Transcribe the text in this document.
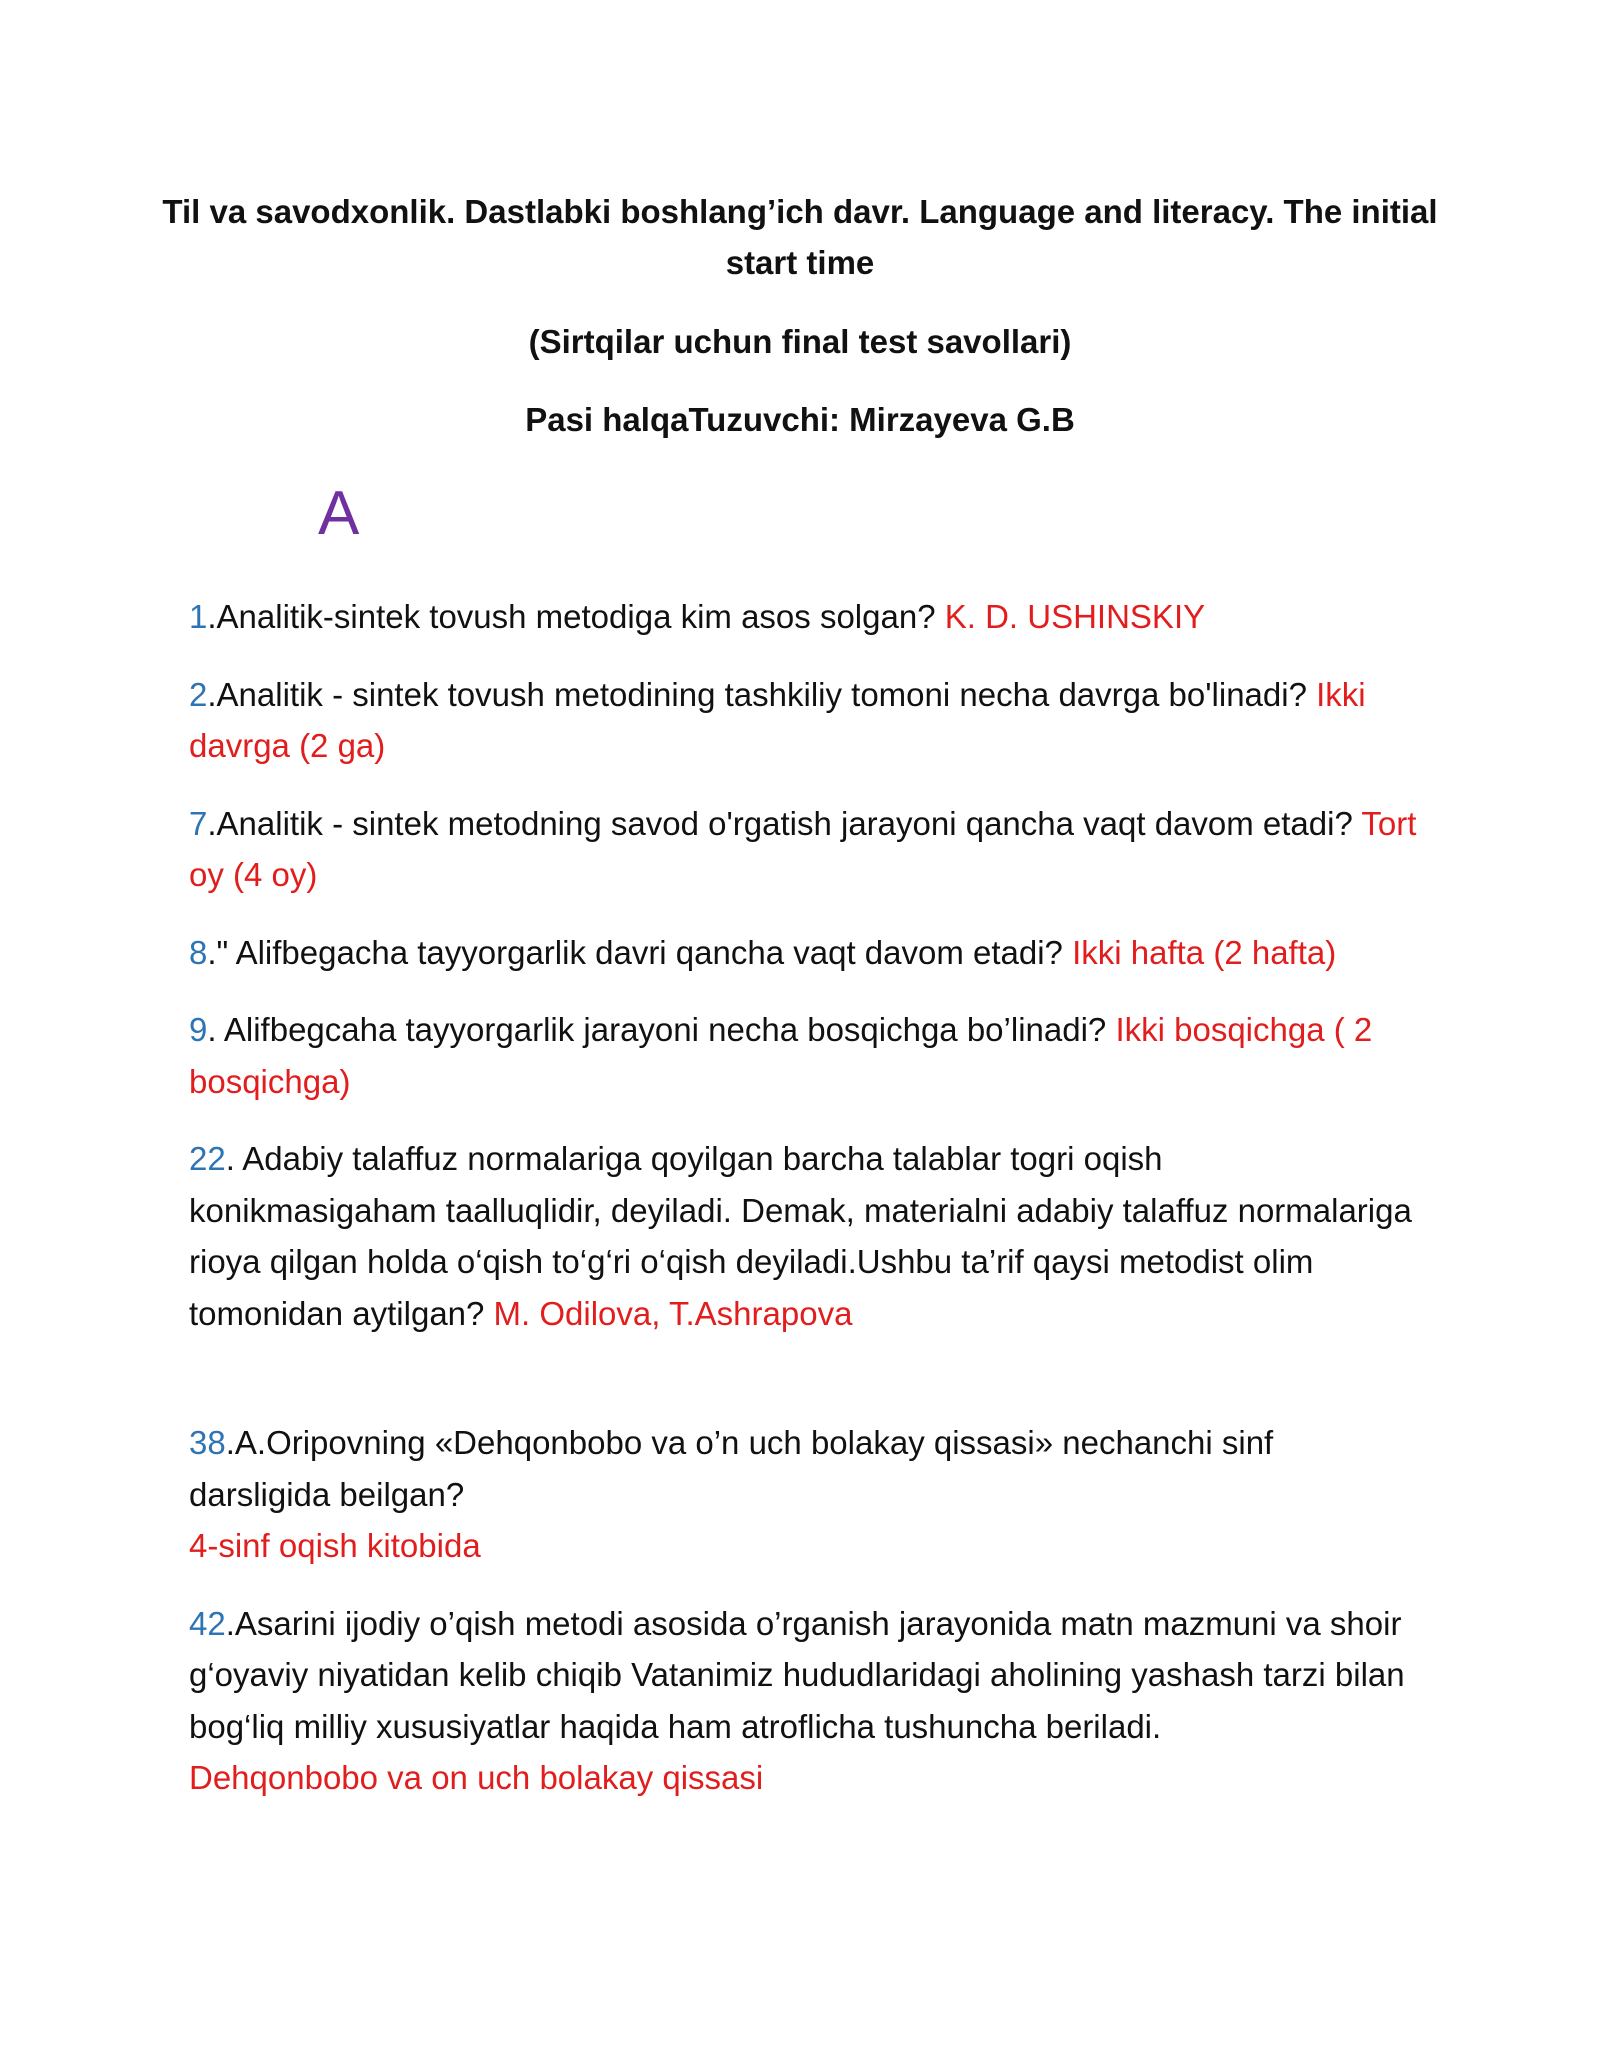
Til va savodxonlik. Dastlabki boshlang’ich davr. Language and literacy. The initial start time
(Sirtqilar uchun final test savollari)
Pasi halqaTuzuvchi: Mirzayeva G.B
A

1.Analitik-sintek tovush metodiga kim asos solgan? K. D. USHINSKIY

2.Analitik - sintek tovush metodining tashkiliy tomoni necha davrga bo'linadi? Ikki davrga (2 ga)

7.Analitik - sintek metodning savod o'rgatish jarayoni qancha vaqt davom etadi? Tort oy (4 oy)

8." Alifbegacha tayyorgarlik davri qancha vaqt davom etadi? Ikki hafta (2 hafta)

9. Alifbegcaha tayyorgarlik jarayoni necha bosqichga bo’linadi? Ikki bosqichga ( 2 bosqichga)

22. Adabiy talaffuz normalariga qoyilgan barcha talablar togri oqish konikmasigaham taalluqlidir, deyiladi. Demak, materialni adabiy talaffuz normalariga rioya qilgan holda o‘qish to‘g‘ri o‘qish deyiladi.Ushbu ta’rif qaysi metodist olim tomonidan aytilgan? M. Odilova, T.Ashrapova

38.A.Oripovning «Dehqonbobo va o’n uch bolakay qissasi» nechanchi sinf darsligida beilgan?
4-sinf oqish kitobida

42.Asarini ijodiy o’qish metodi asosida o’rganish jarayonida matn mazmuni va shoir g‘oyaviy niyatidan kelib chiqib Vatanimiz hududlaridagi aholining yashash tarzi bilan bog‘liq milliy xususiyatlar haqida ham atroflicha tushuncha beriladi.
Dehqonbobo va on uch bolakay qissasi
